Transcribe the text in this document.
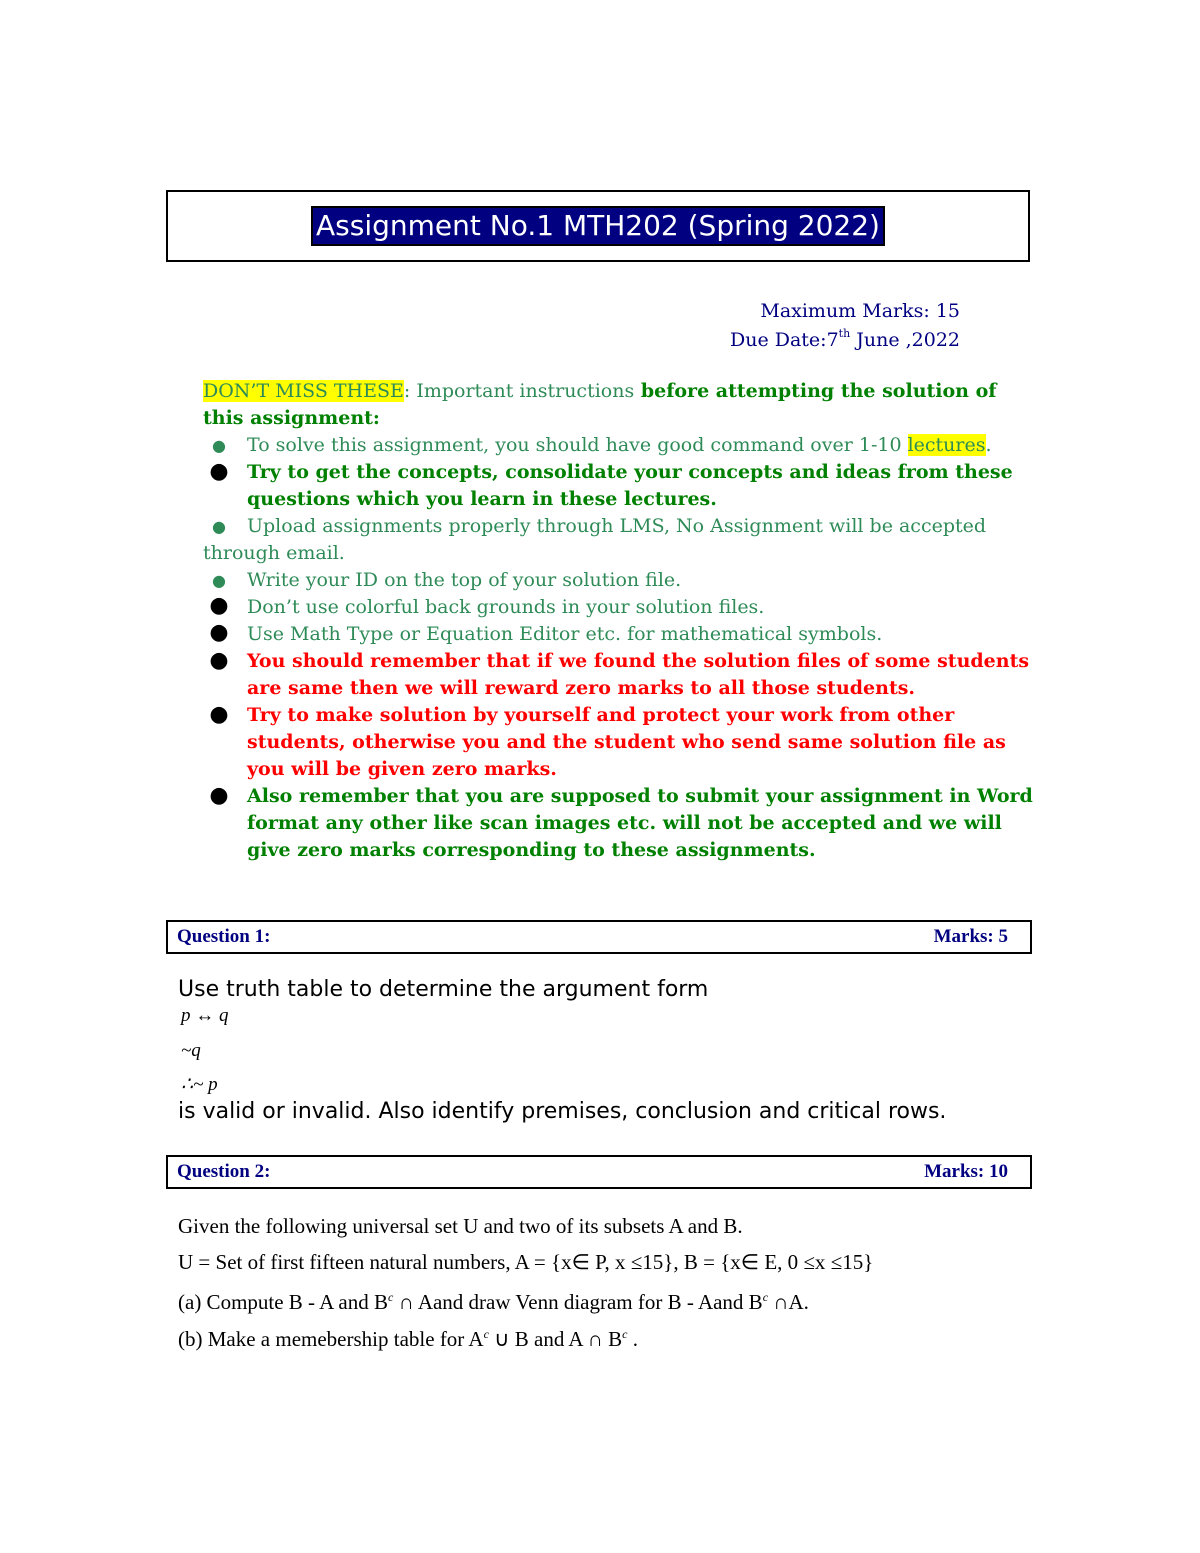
Assignment No.1 MTH202 (Spring 2022)
Maximum Marks: 15
Due Date:7th June ,2022
DON’T MISS THESE: Important instructions before attempting the solution of this assignment:
● To solve this assignment, you should have good command over 1-10 lectures.
● Try to get the concepts, consolidate your concepts and ideas from these questions which you learn in these lectures.
● Upload assignments properly through LMS, No Assignment will be accepted
through email.
● Write your ID on the top of your solution file.
● Don’t use colorful back grounds in your solution files.
● Use Math Type or Equation Editor etc. for mathematical symbols.
● You should remember that if we found the solution files of some students are same then we will reward zero marks to all those students.
● Try to make solution by yourself and protect your work from other students, otherwise you and the student who send same solution file as you will be given zero marks.
● Also remember that you are supposed to submit your assignment in Word format any other like scan images etc. will not be accepted and we will give zero marks corresponding to these assignments.
Question 1:	Marks: 5
Use truth table to determine the argument form
p ↔ q
~q
∴~ p
is valid or invalid. Also identify premises, conclusion and critical rows.
Question 2:	Marks: 10
Given the following universal set U and two of its subsets A and B.
U = Set of first fifteen natural numbers, A = {x∈ P, x ≤15}, B = {x∈ E, 0 ≤x ≤15}
(a) Compute B - A and $B^c$ ∩ Aand draw Venn diagram for B - Aand $B^c$ ∩A.
(b) Make a memebership table for $A^c$ ∪ B and A ∩ $B^c$ .
